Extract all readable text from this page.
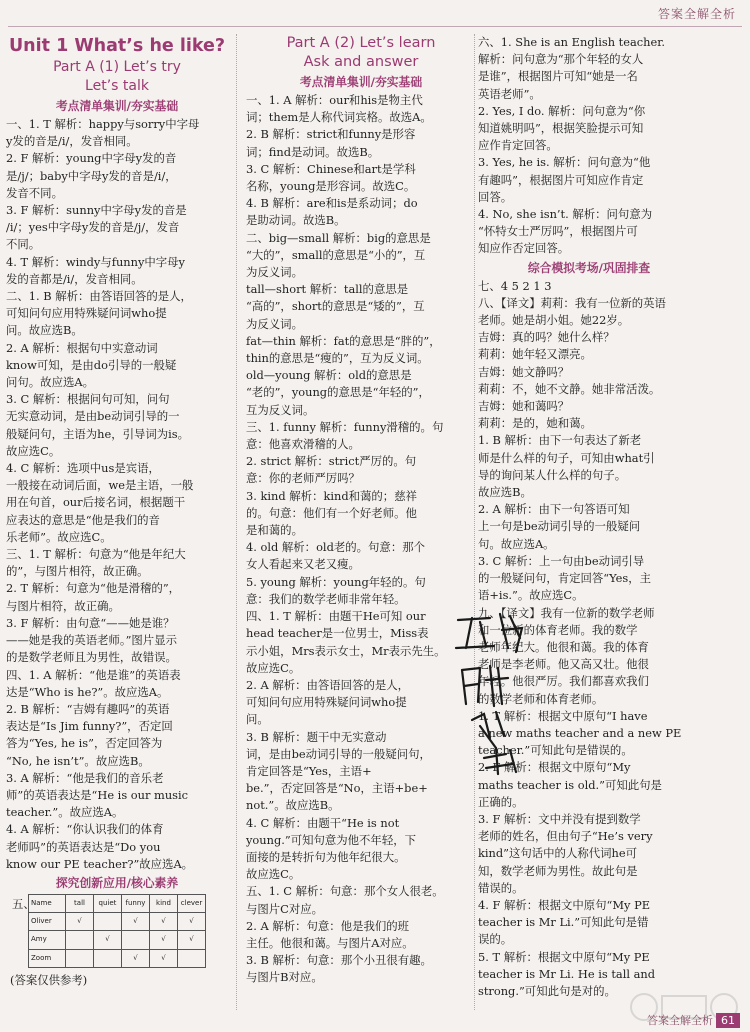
答案全解全析
Unit 1 What’s he like?
Part A (1) Let’s try
Let’s talk
考点清单集训/夯实基础
一、1. T 解析：happy与sorry中字母
y发的音是/i/，发音相同。
2. F 解析：young中字母y发的音
是/j/；baby中字母y发的音是/i/，
发音不同。
3. F 解析：sunny中字母y发的音是
/i/；yes中字母y发的音是/j/，发音
不同。
4. T 解析：windy与funny中字母y
发的音都是/i/，发音相同。
二、1. B 解析：由答语回答的是人，
可知问句应用特殊疑问词who提
问。故应选B。
2. A 解析：根据句中实意动词
know可知，是由do引导的一般疑
问句。故应选A。
3. C 解析：根据问句可知，问句
无实意动词，是由be动词引导的一
般疑问句，主语为he，引导词为is。
故应选C。
4. C 解析：选项中us是宾语，
一般接在动词后面，we是主语，一般
用在句首，our后接名词，根据题干
应表达的意思是“他是我们的音
乐老师”。故应选C。
三、1. T 解析：句意为“他是年纪大
的”，与图片相符，故正确。
2. T 解析：句意为“他是滑稽的”，
与图片相符，故正确。
3. F 解析：由句意“——她是谁？
——她是我的英语老师。”图片显示
的是数学老师且为男性，故错误。
四、1. A 解析：“他是谁”的英语表
达是“Who is he?”。故应选A。
2. B 解析：“吉姆有趣吗”的英语
表达是“Is Jim funny?”，否定回
答为“Yes, he is”，否定回答为
“No, he isn’t”。故应选B。
3. A 解析：“他是我们的音乐老
师”的英语表达是“He is our music
teacher.”。故应选A。
4. A 解析：“你认识我们的体育
老师吗”的英语表达是“Do you
know our PE teacher?”故应选A。
探究创新应用/核心素养
五、
Name	tall	quiet	funny	kind	clever
Oliver	√		√	√	√
Amy		√		√	√
Zoom			√	√	
(答案仅供参考)
Part A (2) Let’s learn
Ask and answer
考点清单集训/夯实基础
一、1. A 解析：our和his是物主代
词；them是人称代词宾格。故选A。
2. B 解析：strict和funny是形容
词；find是动词。故选B。
3. C 解析：Chinese和art是学科
名称，young是形容词。故选C。
4. B 解析：are和is是系动词；do
是助动词。故选B。
二、big—small 解析：big的意思是
“大的”，small的意思是“小的”，互
为反义词。
tall—short 解析：tall的意思是
“高的”，short的意思是“矮的”，互
为反义词。
fat—thin 解析：fat的意思是“胖的”，
thin的意思是“瘦的”，互为反义词。
old—young 解析：old的意思是
“老的”，young的意思是“年轻的”，
互为反义词。
三、1. funny 解析：funny滑稽的。句
意：他喜欢滑稽的人。
2. strict 解析：strict严厉的。句
意：你的老师严厉吗？
3. kind 解析：kind和蔼的；慈祥
的。句意：他们有一个好老师。他
是和蔼的。
4. old 解析：old老的。句意：那个
女人看起来又老又瘦。
5. young 解析：young年轻的。句
意：我们的数学老师非常年轻。
四、1. T 解析：由题干He可知 our
head teacher是一位男士，Miss表
示小姐，Mrs表示女士，Mr表示先生。
故应选C。
2. A 解析：由答语回答的是人，
可知问句应用特殊疑问词who提
问。
3. B 解析：题干中无实意动
词，是由be动词引导的一般疑问句，
肯定回答是“Yes，主语+
be.”，否定回答是“No，主语+be+
not.”。故应选B。
4. C 解析：由题干“He is not
young.”可知句意为他不年轻，下
面接的是转折句为他年纪很大。
故应选C。
五、1. C 解析：句意：那个女人很老。
与图片C对应。
2. A 解析：句意：他是我们的班
主任。他很和蔼。与图片A对应。
3. B 解析：句意：那个小丑很有趣。
与图片B对应。
六、1. She is an English teacher.
解析：问句意为“那个年轻的女人
是谁”，根据图片可知“她是一名
英语老师”。
2. Yes, I do. 解析：问句意为“你
知道姚明吗”，根据笑脸提示可知
应作肯定回答。
3. Yes, he is. 解析：问句意为“他
有趣吗”，根据图片可知应作肯定
回答。
4. No, she isn’t. 解析：问句意为
“怀特女士严厉吗”，根据图片可
知应作否定回答。
综合模拟考场/巩固排查
七、4 5 2 1 3
八、【译文】莉莉：我有一位新的英语
老师。她是胡小姐。她22岁。
吉姆：真的吗？她什么样？
莉莉：她年轻又漂亮。
吉姆：她文静吗？
莉莉：不，她不文静。她非常活泼。
吉姆：她和蔼吗？
莉莉：是的，她和蔼。
1. B 解析：由下一句表达了新老
师是什么样的句子，可知由what引
导的询问某人什么样的句子。
故应选B。
2. A 解析：由下一句答语可知
上一句是be动词引导的一般疑问
句。故应选A。
3. C 解析：上一句由be动词引导
的一般疑问句，肯定回答“Yes，主
语+is.”。故应选C。
九、【译文】我有一位新的数学老师
和一位新的体育老师。我的数学
老师年纪大。他很和蔼。我的体育
老师是李老师。他又高又壮。他很
年轻。他很严厉。我们都喜欢我们
的数学老师和体育老师。
1. T 解析：根据文中原句“I have
a new maths teacher and a new PE
teacher.”可知此句是错误的。
2. F 解析：根据文中原句“My
maths teacher is old.”可知此句是
正确的。
3. F 解析：文中并没有提到数学
老师的姓名，但由句子“He’s very
kind”这句话中的人称代词he可
知，数学老师为男性。故此句是
错误的。
4. F 解析：根据文中原句“My PE
teacher is Mr Li.”可知此句是错
误的。
5. T 解析：根据文中原句“My PE
teacher is Mr Li. He is tall and
strong.”可知此句是对的。
答案全解全析 61
